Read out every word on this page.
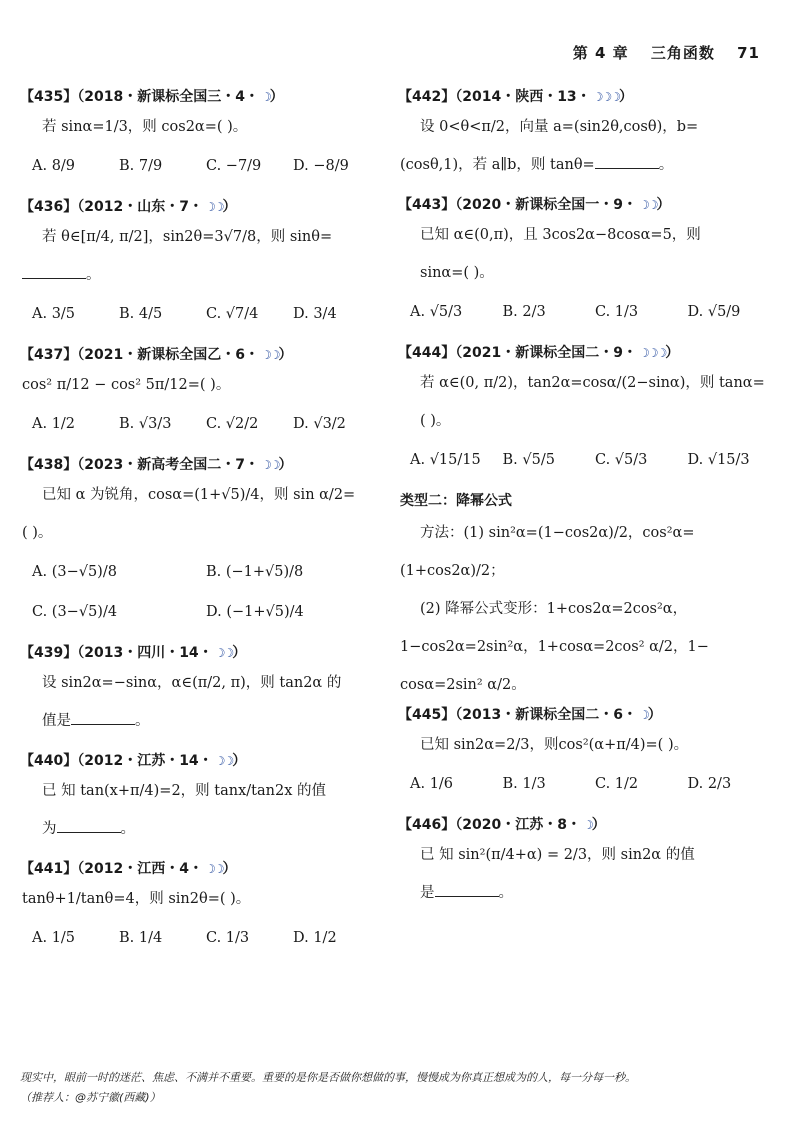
第 4 章 三角函数 71
【435】（2018・新课标全国三・4・ ☽）
若 sinα=1/3，则 cos2α=( )。
A. 8/9	B. 7/9	C. −7/9	D. −8/9
【436】（2012・山东・7・ ☽☽）
若 θ∈[π/4, π/2]，sin2θ=3√7/8，则 sinθ=
。
A. 3/5	B. 4/5	C. √7/4	D. 3/4
【437】（2021・新课标全国乙・6・ ☽☽）
cos² π/12 − cos² 5π/12=( )。
A. 1/2	B. √3/3	C. √2/2	D. √3/2
【438】（2023・新高考全国二・7・ ☽☽）
已知 α 为锐角，cosα=(1+√5)/4，则 sin α/2=
( )。
A. (3−√5)/8	B. (−1+√5)/8
C. (3−√5)/4	D. (−1+√5)/4
【439】（2013・四川・14・ ☽☽）
设 sin2α=−sinα，α∈(π/2, π)，则 tan2α 的
值是	。
【440】（2012・江苏・14・ ☽☽）
已 知 tan(x+π/4)=2，则 tanx/tan2x 的值
为	。
【441】（2012・江西・4・ ☽☽）
tanθ+1/tanθ=4，则 sin2θ=( )。
A. 1/5	B. 1/4	C. 1/3	D. 1/2
【442】（2014・陕西・13・ ☽☽☽）
设 0<θ<π/2，向量 a=(sin2θ,cosθ)，b=
(cosθ,1)，若 a∥b，则 tanθ=	。
【443】（2020・新课标全国一・9・ ☽☽）
已知 α∈(0,π)，且 3cos2α−8cosα=5，则
sinα=( )。
A. √5/3	B. 2/3	C. 1/3	D. √5/9
【444】（2021・新课标全国二・9・ ☽☽☽）
若 α∈(0, π/2)，tan2α=cosα/(2−sinα)，则 tanα=
( )。
A. √15/15	B. √5/5	C. √5/3	D. √15/3
类型二：降幂公式
方法：(1) sin²α=(1−cos2α)/2，cos²α=
(1+cos2α)/2；
(2) 降幂公式变形：1+cos2α=2cos²α，
1−cos2α=2sin²α，1+cosα=2cos² α/2，1−
cosα=2sin² α/2。
【445】（2013・新课标全国二・6・ ☽）
已知 sin2α=2/3，则cos²(α+π/4)=( )。
A. 1/6	B. 1/3	C. 1/2	D. 2/3
【446】（2020・江苏・8・ ☽）
已 知 sin²(π/4+α) = 2/3，则 sin2α 的值
是	。
现实中，眼前一时的迷茫、焦虑、不满并不重要。重要的是你是否做你想做的事，慢慢成为你真正想成为的人，每一分每一秒。
（推荐人：@苏宁徽(西藏)）
